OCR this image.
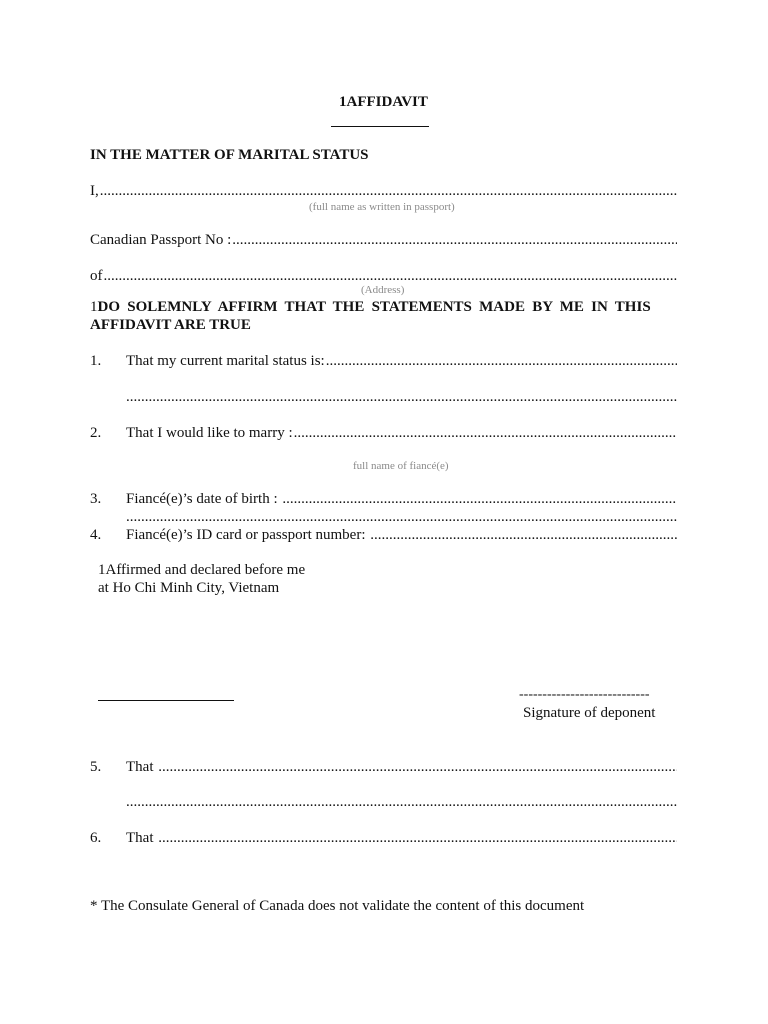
1AFFIDAVIT
IN THE MATTER OF MARITAL STATUS
I,
.....
(full name as written in passport)
Canadian Passport No :
.....
of
.....
(Address)
1DO SOLEMNLY AFFIRM THAT THE STATEMENTS MADE BY ME IN THIS
AFFIDAVIT ARE TRUE
1. That my current marital status is:
.....
.....
2. That I would like to marry :
.....
full name of fiancé(e)
3. Fiancé(e)’s date of birth :
.....
.....
4. Fiancé(e)’s ID card or passport number:
.....
1Affirmed and declared before me
at Ho Chi Minh City, Vietnam
----------------------------
Signature of deponent
5. That
.....
.....
6. That
.....
* The Consulate General of Canada does not validate the content of this document
